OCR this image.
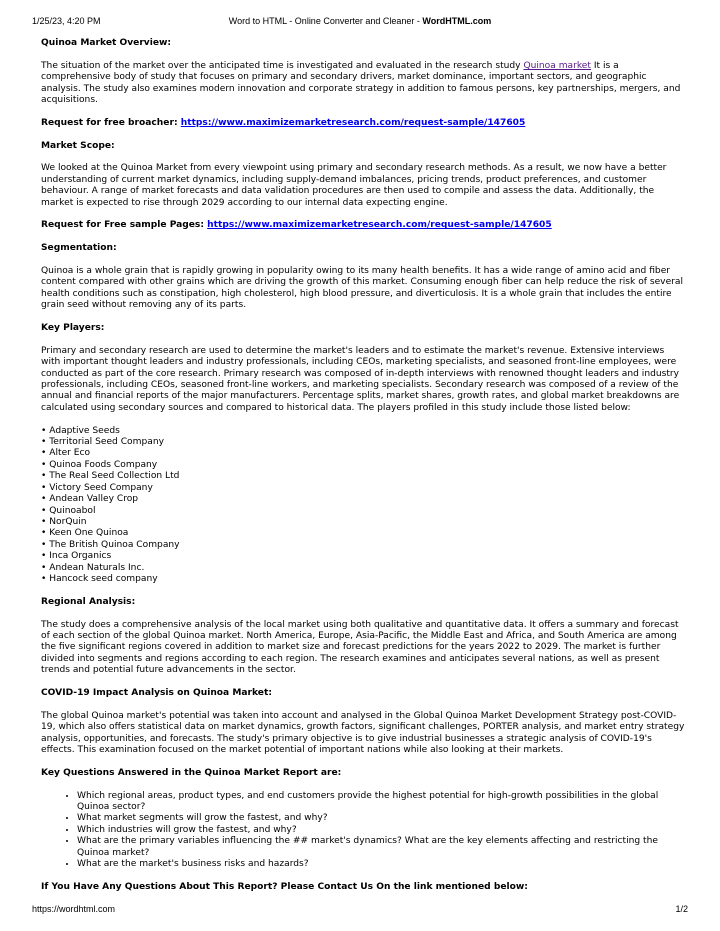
1/25/23, 4:20 PM	Word to HTML - Online Converter and Cleaner - WordHTML.com

Quinoa Market Overview:

The situation of the market over the anticipated time is investigated and evaluated in the research study Quinoa market It is a comprehensive body of study that focuses on primary and secondary drivers, market dominance, important sectors, and geographic analysis. The study also examines modern innovation and corporate strategy in addition to famous persons, key partnerships, mergers, and acquisitions.

Request for free broacher: https://www.maximizemarketresearch.com/request-sample/147605

Market Scope:

We looked at the Quinoa Market from every viewpoint using primary and secondary research methods. As a result, we now have a better understanding of current market dynamics, including supply-demand imbalances, pricing trends, product preferences, and customer behaviour. A range of market forecasts and data validation procedures are then used to compile and assess the data. Additionally, the market is expected to rise through 2029 according to our internal data expecting engine.

Request for Free sample Pages: https://www.maximizemarketresearch.com/request-sample/147605

Segmentation:

Quinoa is a whole grain that is rapidly growing in popularity owing to its many health benefits. It has a wide range of amino acid and fiber content compared with other grains which are driving the growth of this market. Consuming enough fiber can help reduce the risk of several health conditions such as constipation, high cholesterol, high blood pressure, and diverticulosis. It is a whole grain that includes the entire grain seed without removing any of its parts.

Key Players:

Primary and secondary research are used to determine the market's leaders and to estimate the market's revenue. Extensive interviews with important thought leaders and industry professionals, including CEOs, marketing specialists, and seasoned front-line employees, were conducted as part of the core research. Primary research was composed of in-depth interviews with renowned thought leaders and industry professionals, including CEOs, seasoned front-line workers, and marketing specialists. Secondary research was composed of a review of the annual and financial reports of the major manufacturers. Percentage splits, market shares, growth rates, and global market breakdowns are calculated using secondary sources and compared to historical data. The players profiled in this study include those listed below:

• Adaptive Seeds
• Territorial Seed Company
• Alter Eco
• Quinoa Foods Company
• The Real Seed Collection Ltd
• Victory Seed Company
• Andean Valley Crop
• Quinoabol
• NorQuin
• Keen One Quinoa
• The British Quinoa Company
• Inca Organics
• Andean Naturals Inc.
• Hancock seed company

Regional Analysis:

The study does a comprehensive analysis of the local market using both qualitative and quantitative data. It offers a summary and forecast of each section of the global Quinoa market. North America, Europe, Asia-Pacific, the Middle East and Africa, and South America are among the five significant regions covered in addition to market size and forecast predictions for the years 2022 to 2029. The market is further divided into segments and regions according to each region. The research examines and anticipates several nations, as well as present trends and potential future advancements in the sector.

COVID-19 Impact Analysis on Quinoa Market:

The global Quinoa market's potential was taken into account and analysed in the Global Quinoa Market Development Strategy post-COVID-19, which also offers statistical data on market dynamics, growth factors, significant challenges, PORTER analysis, and market entry strategy analysis, opportunities, and forecasts. The study's primary objective is to give industrial businesses a strategic analysis of COVID-19's effects. This examination focused on the market potential of important nations while also looking at their markets.

Key Questions Answered in the Quinoa Market Report are:

• Which regional areas, product types, and end customers provide the highest potential for high-growth possibilities in the global Quinoa sector?
• What market segments will grow the fastest, and why?
• Which industries will grow the fastest, and why?
• What are the primary variables influencing the ## market's dynamics? What are the key elements affecting and restricting the Quinoa market?
• What are the market's business risks and hazards?

If You Have Any Questions About This Report? Please Contact Us On the link mentioned below:

https://wordhtml.com	1/2
